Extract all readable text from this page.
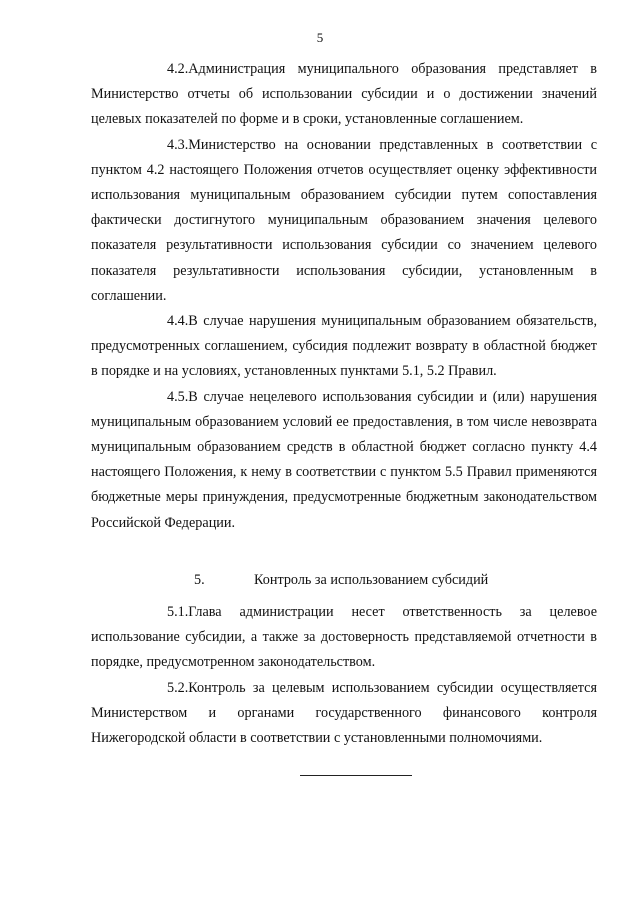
5

4.2.Администрация муниципального образования представляет в Министерство отчеты об использовании субсидии и о достижении значений целевых показателей по форме и в сроки, установленные соглашением.

4.3.Министерство на основании представленных в соответствии с пунктом 4.2 настоящего Положения отчетов осуществляет оценку эффективности использования муниципальным образованием субсидии путем сопоставления фактически достигнутого муниципальным образованием значения целевого показателя результативности использования субсидии со значением целевого показателя результативности использования субсидии, установленным в соглашении.

4.4.В случае нарушения муниципальным образованием обязательств, предусмотренных соглашением, субсидия подлежит возврату в областной бюджет в порядке и на условиях, установленных пунктами 5.1, 5.2 Правил.

4.5.В случае нецелевого использования субсидии и (или) нарушения муниципальным образованием условий ее предоставления, в том числе невозврата муниципальным образованием средств в областной бюджет согласно пункту 4.4 настоящего Положения, к нему в соответствии с пунктом 5.5 Правил применяются бюджетные меры принуждения, предусмотренные бюджетным законодательством Российской Федерации.

5.	Контроль за использованием субсидий

5.1.Глава администрации несет ответственность за целевое использование субсидии, а также за достоверность представляемой отчетности в порядке, предусмотренном законодательством.

5.2.Контроль за целевым использованием субсидии осуществляется Министерством и органами государственного финансового контроля Нижегородской области в соответствии с установленными полномочиями.
